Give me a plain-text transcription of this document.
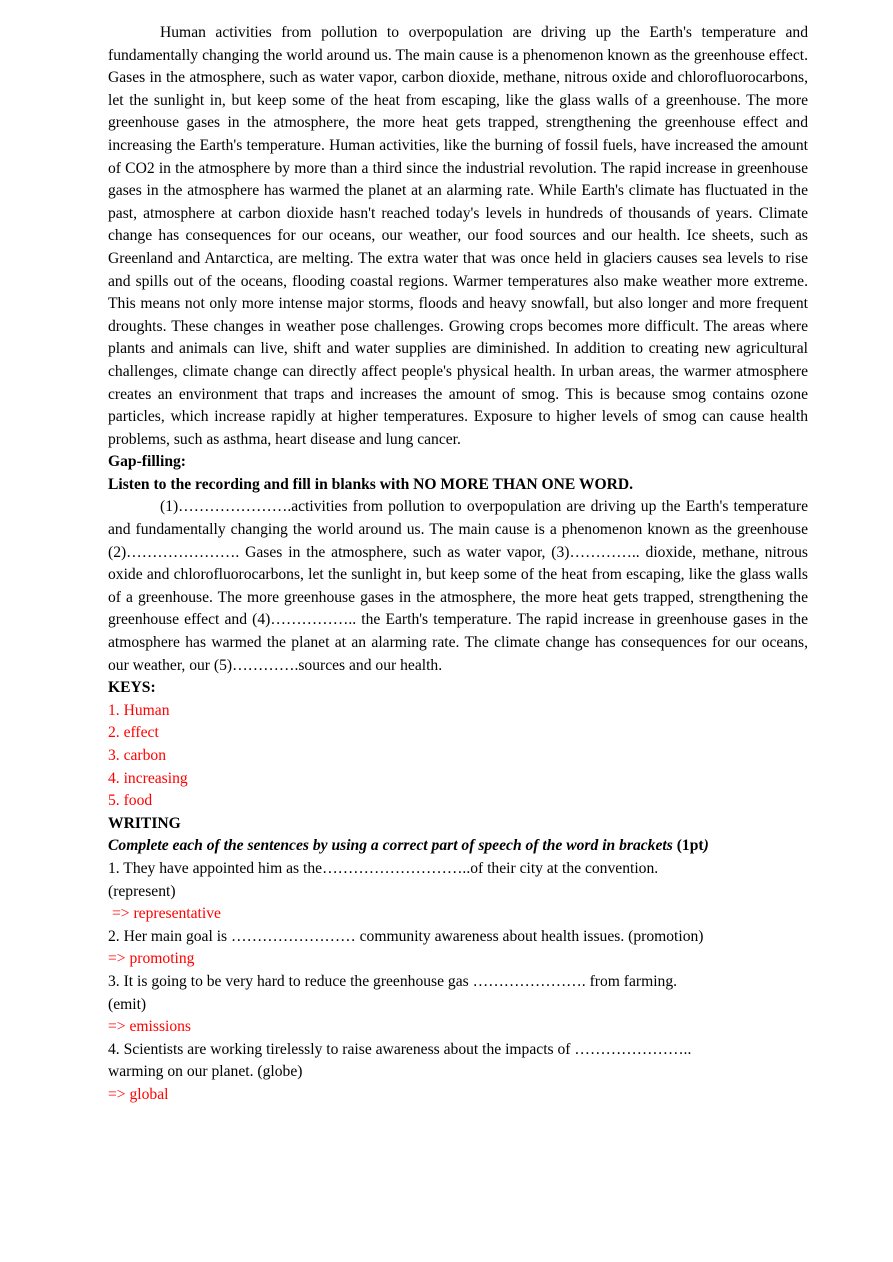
Human activities from pollution to overpopulation are driving up the Earth's temperature and fundamentally changing the world around us. The main cause is a phenomenon known as the greenhouse effect. Gases in the atmosphere, such as water vapor, carbon dioxide, methane, nitrous oxide and chlorofluorocarbons, let the sunlight in, but keep some of the heat from escaping, like the glass walls of a greenhouse. The more greenhouse gases in the atmosphere, the more heat gets trapped, strengthening the greenhouse effect and increasing the Earth's temperature. Human activities, like the burning of fossil fuels, have increased the amount of CO2 in the atmosphere by more than a third since the industrial revolution. The rapid increase in greenhouse gases in the atmosphere has warmed the planet at an alarming rate. While Earth's climate has fluctuated in the past, atmosphere at carbon dioxide hasn't reached today's levels in hundreds of thousands of years. Climate change has consequences for our oceans, our weather, our food sources and our health. Ice sheets, such as Greenland and Antarctica, are melting. The extra water that was once held in glaciers causes sea levels to rise and spills out of the oceans, flooding coastal regions. Warmer temperatures also make weather more extreme. This means not only more intense major storms, floods and heavy snowfall, but also longer and more frequent droughts. These changes in weather pose challenges. Growing crops becomes more difficult. The areas where plants and animals can live, shift and water supplies are diminished. In addition to creating new agricultural challenges, climate change can directly affect people's physical health. In urban areas, the warmer atmosphere creates an environment that traps and increases the amount of smog. This is because smog contains ozone particles, which increase rapidly at higher temperatures. Exposure to higher levels of smog can cause health problems, such as asthma, heart disease and lung cancer.

Gap-filling:

Listen to the recording and fill in blanks with NO MORE THAN ONE WORD.

(1)………………….activities from pollution to overpopulation are driving up the Earth's temperature and fundamentally changing the world around us. The main cause is a phenomenon known as the greenhouse (2)…………………. Gases in the atmosphere, such as water vapor, (3)………….. dioxide, methane, nitrous oxide and chlorofluorocarbons, let the sunlight in, but keep some of the heat from escaping, like the glass walls of a greenhouse. The more greenhouse gases in the atmosphere, the more heat gets trapped, strengthening the greenhouse effect and (4)…………….. the Earth's temperature. The rapid increase in greenhouse gases in the atmosphere has warmed the planet at an alarming rate. The climate change has consequences for our oceans, our weather, our (5)………….sources and our health.

KEYS:

1. Human

2. effect

3. carbon

4. increasing

5. food

WRITING

Complete each of the sentences by using a correct part of speech of the word in brackets (1pt)

1. They have appointed him as the………………………..of their city at the convention.

(represent)

=> representative

2. Her main goal is …………………… community awareness about health issues. (promotion)

=> promoting

3. It is going to be very hard to reduce the greenhouse gas …………………. from farming.

(emit)

=> emissions

4. Scientists are working tirelessly to raise awareness about the impacts of …………………..

warming on our planet. (globe)

=> global
